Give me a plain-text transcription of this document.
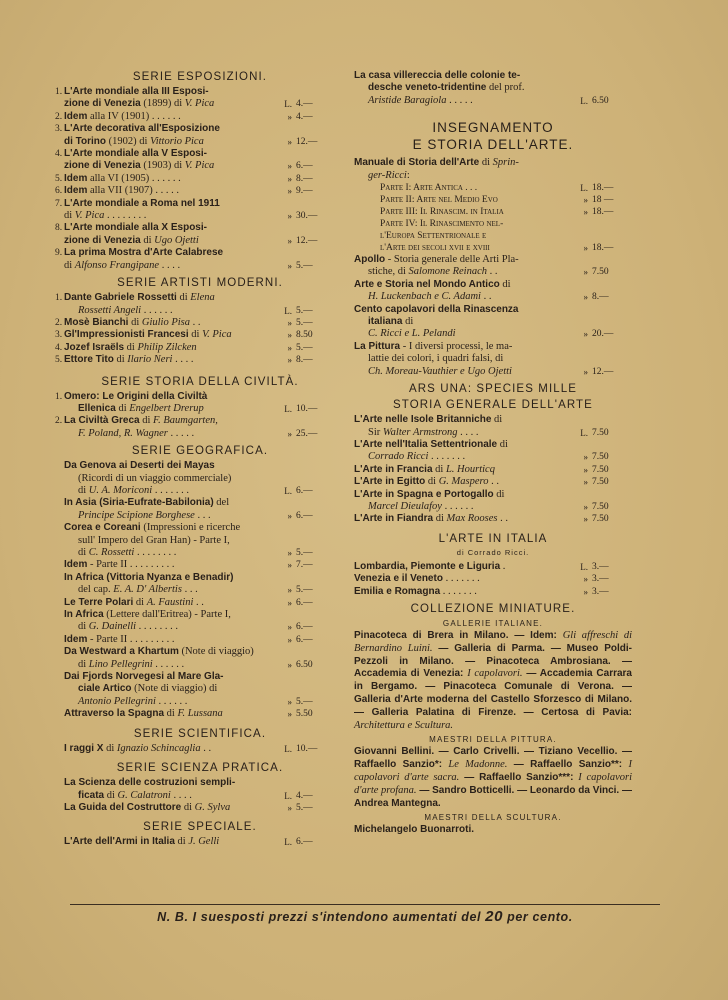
SERIE ESPOSIZIONI.
1. L'Arte mondiale alla III Esposi-
zione di Venezia (1899) di V. Pica	L. 4.—
2. Idem alla IV (1901) . . . . . .	» 4.—
3. L'Arte decorativa all'Esposizione
di Torino (1902) di Vittorio Pica	» 12.—
4. L'Arte mondiale alla V Esposi-
zione di Venezia (1903) di V. Pica	» 6.—
5. Idem alla VI (1905) . . . . . .	» 8.—
6. Idem alla VII (1907) . . . . .	» 9.—
7. L'Arte mondiale a Roma nel 1911
di V. Pica . . . . . . . .	» 30.—
8. L'Arte mondiale alla X Esposi-
zione di Venezia di Ugo Ojetti	» 12.—
9. La prima Mostra d'Arte Calabrese
di Alfonso Frangipane . . . .	» 5.—
SERIE ARTISTI MODERNI.
1. Dante Gabriele Rossetti di Elena
Rossetti Angeli . . . . . .	L. 5.—
2. Mosè Bianchi di Giulio Pisa . .	» 5.—
3. Gl'Impressionisti Francesi di V. Pica	» 8.50
4. Jozef Israëls di Philip Zilcken	» 5.—
5. Ettore Tito di Ilario Neri . . . .	» 8.—
SERIE STORIA DELLA CIVILTÀ.
1. Omero: Le Origini della Civiltà
Ellenica di Engelbert Drerup	L. 10.—
2. La Civiltà Greca di F. Baumgarten,
F. Poland, R. Wagner . . . . .	» 25.—
SERIE GEOGRAFICA.
Da Genova ai Deserti dei Mayas
(Ricordi di un viaggio commerciale)
di U. A. Moriconi . . . . . . .	L. 6.—
In Asia (Siria-Eufrate-Babilonia) del
Principe Scipione Borghese . . .	» 6.—
Corea e Coreani (Impressioni e ricerche
sull' Impero del Gran Han) - Parte I,
di C. Rossetti . . . . . . . .	» 5.—
Idem - Parte II . . . . . . . . .	» 7.—
In Africa (Vittoria Nyanza e Benadir)
del cap. E. A. D' Albertis . . .	» 5.—
Le Terre Polari di A. Faustini . .	» 6.—
In Africa (Lettere dall'Eritrea) - Parte I,
di G. Dainelli . . . . . . . .	» 6.—
Idem - Parte II . . . . . . . . .	» 6.—
Da Westward a Khartum (Note di viaggio)
di Lino Pellegrini . . . . . .	» 6.50
Dai Fjords Norvegesi al Mare Gla-
ciale Artico (Note di viaggio) di
Antonio Pellegrini . . . . . .	» 5.—
Attraverso la Spagna di F. Lussana	» 5.50
SERIE SCIENTIFICA.
I raggi X di Ignazio Schincaglia . .	L. 10.—
SERIE SCIENZA PRATICA.
La Scienza delle costruzioni sempli-
ficata di G. Calatroni . . . .	L. 4.—
La Guida del Costruttore di G. Sylva	» 5.—
SERIE SPECIALE.
L'Arte dell'Armi in Italia di J. Gelli	L. 6.—
La casa villereccia delle colonie te-
desche veneto-tridentine del prof.
Aristide Baragiola . . . . .	L. 6.50
INSEGNAMENTO
E STORIA DELL'ARTE.
Manuale di Storia dell'Arte di Sprin-
ger-Ricci:
Parte I: Arte Antica . . .	L. 18.—
Parte II: Arte nel Medio Evo	» 18 —
Parte III: Il Rinascim. in Italia	» 18.—
Parte IV: Il Rinascimento nel-
l'Europa Settentrionale e
l'Arte dei secoli xvii e xviii	» 18.—
Apollo - Storia generale delle Arti Pla-
stiche, di Salomone Reinach . .	» 7.50
Arte e Storia nel Mondo Antico di
H. Luckenbach e C. Adami . .	» 8.—
Cento capolavori della Rinascenza
italiana di
C. Ricci e L. Pelandi	» 20.—
La Pittura - I diversi processi, le ma-
lattie dei colori, i quadri falsi, di
Ch. Moreau-Vauthier e Ugo Ojetti	» 12.—
ARS UNA: SPECIES MILLE
STORIA GENERALE DELL'ARTE
L'Arte nelle Isole Britanniche di
Sir Walter Armstrong . . . .	L. 7.50
L'Arte nell'Italia Settentrionale di
Corrado Ricci . . . . . . .	» 7.50
L'Arte in Francia di L. Hourticq	» 7.50
L'Arte in Egitto di G. Maspero . .	» 7.50
L'Arte in Spagna e Portogallo di
Marcel Dieulafoy . . . . . .	» 7.50
L'Arte in Fiandra di Max Rooses . .	» 7.50
L'ARTE IN ITALIA
di Corrado Ricci.
Lombardia, Piemonte e Liguria .	L. 3.—
Venezia e il Veneto . . . . . . .	» 3.—
Emilia e Romagna . . . . . . .	» 3.—
COLLEZIONE MINIATURE.
GALLERIE ITALIANE.
Pinacoteca di Brera in Milano. — Idem: Gli affreschi di Bernardino Luini. — Galleria di Parma. — Museo Poldi-Pezzoli in Milano. — Pinacoteca Ambrosiana. — Accademia di Venezia: I capolavori. — Accademia Carrara in Bergamo. — Pinacoteca Comunale di Verona. — Galleria d'Arte moderna del Castello Sforzesco di Milano. — Galleria Palatina di Firenze. — Certosa di Pavia: Architettura e Scultura.
MAESTRI DELLA PITTURA.
Giovanni Bellini. — Carlo Crivelli. — Tiziano Vecellio. — Raffaello Sanzio*: Le Madonne. — Raffaello Sanzio**: I capolavori d'arte sacra. — Raffaello Sanzio***: I capolavori d'arte profana. — Sandro Botticelli. — Leonardo da Vinci. — Andrea Mantegna.
MAESTRI DELLA SCULTURA.
Michelangelo Buonarroti.
N. B. I suesposti prezzi s'intendono aumentati del 20 per cento.
